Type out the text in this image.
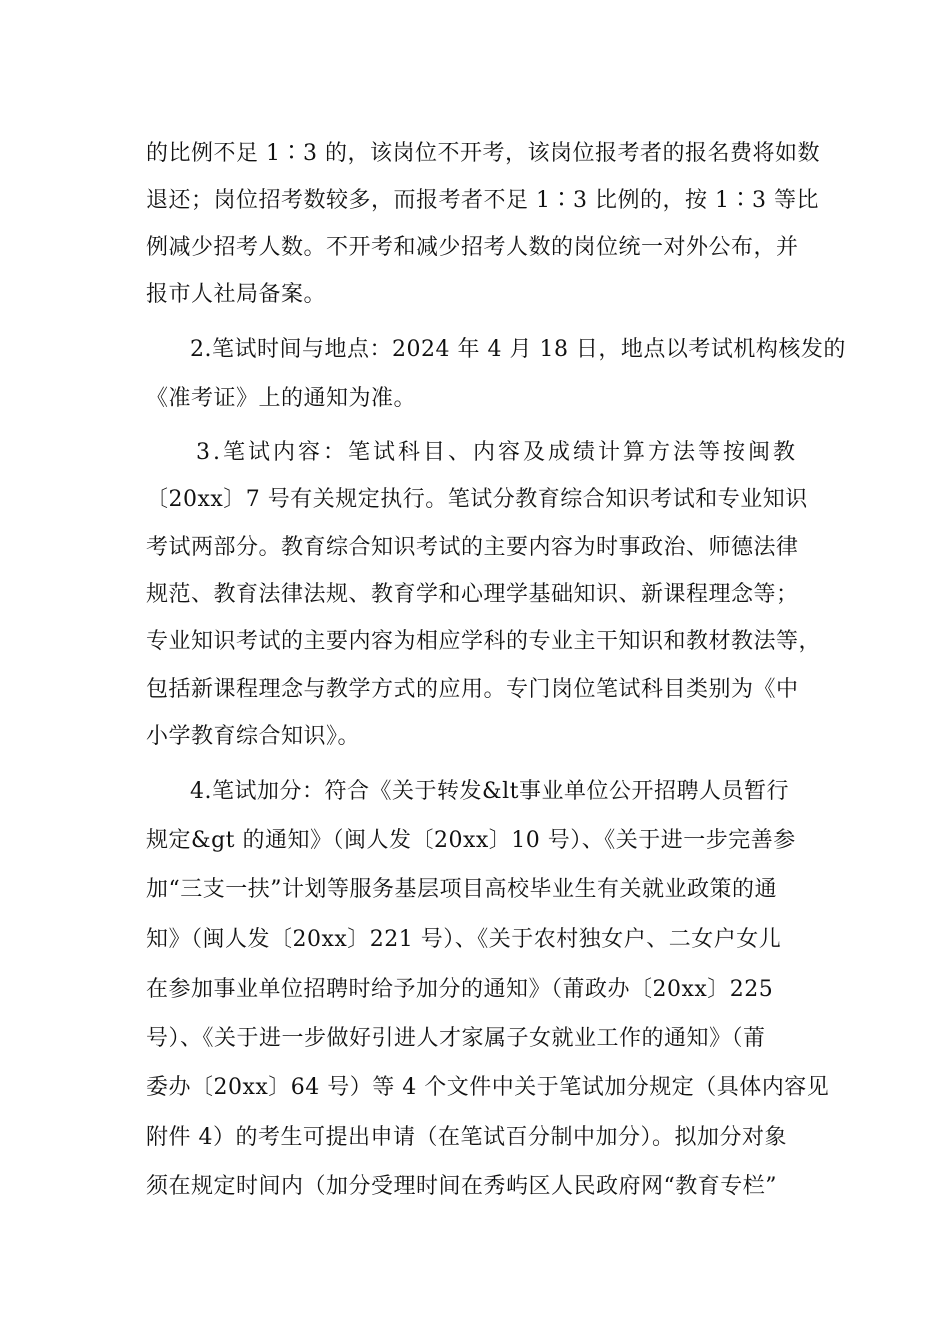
的比例不足 1∶3 的，该岗位不开考，该岗位报考者的报名费将如数
退还；岗位招考数较多，而报考者不足 1∶3 比例的，按 1∶3 等比
例减少招考人数。不开考和减少招考人数的岗位统一对外公布，并
报市人社局备案。
2.笔试时间与地点：2024 年 4 月 18 日，地点以考试机构核发的
《准考证》上的通知为准。
3.笔试内容：笔试科目、内容及成绩计算方法等按闽教
〔20xx〕7 号有关规定执行。笔试分教育综合知识考试和专业知识
考试两部分。教育综合知识考试的主要内容为时事政治、师德法律
规范、教育法律法规、教育学和心理学基础知识、新课程理念等；
专业知识考试的主要内容为相应学科的专业主干知识和教材教法等，
包括新课程理念与教学方式的应用。专门岗位笔试科目类别为《中
小学教育综合知识》。
4.笔试加分：符合《关于转发&lt事业单位公开招聘人员暂行
规定&gt 的通知》（闽人发〔20xx〕10 号）、《关于进一步完善参
加“三支一扶”计划等服务基层项目高校毕业生有关就业政策的通
知》（闽人发〔20xx〕221 号）、《关于农村独女户、二女户女儿
在参加事业单位招聘时给予加分的通知》（莆政办〔20xx〕225
号）、《关于进一步做好引进人才家属子女就业工作的通知》（莆
委办〔20xx〕64 号）等 4 个文件中关于笔试加分规定（具体内容见
附件 4）的考生可提出申请（在笔试百分制中加分）。拟加分对象
须在规定时间内（加分受理时间在秀屿区人民政府网“教育专栏”
